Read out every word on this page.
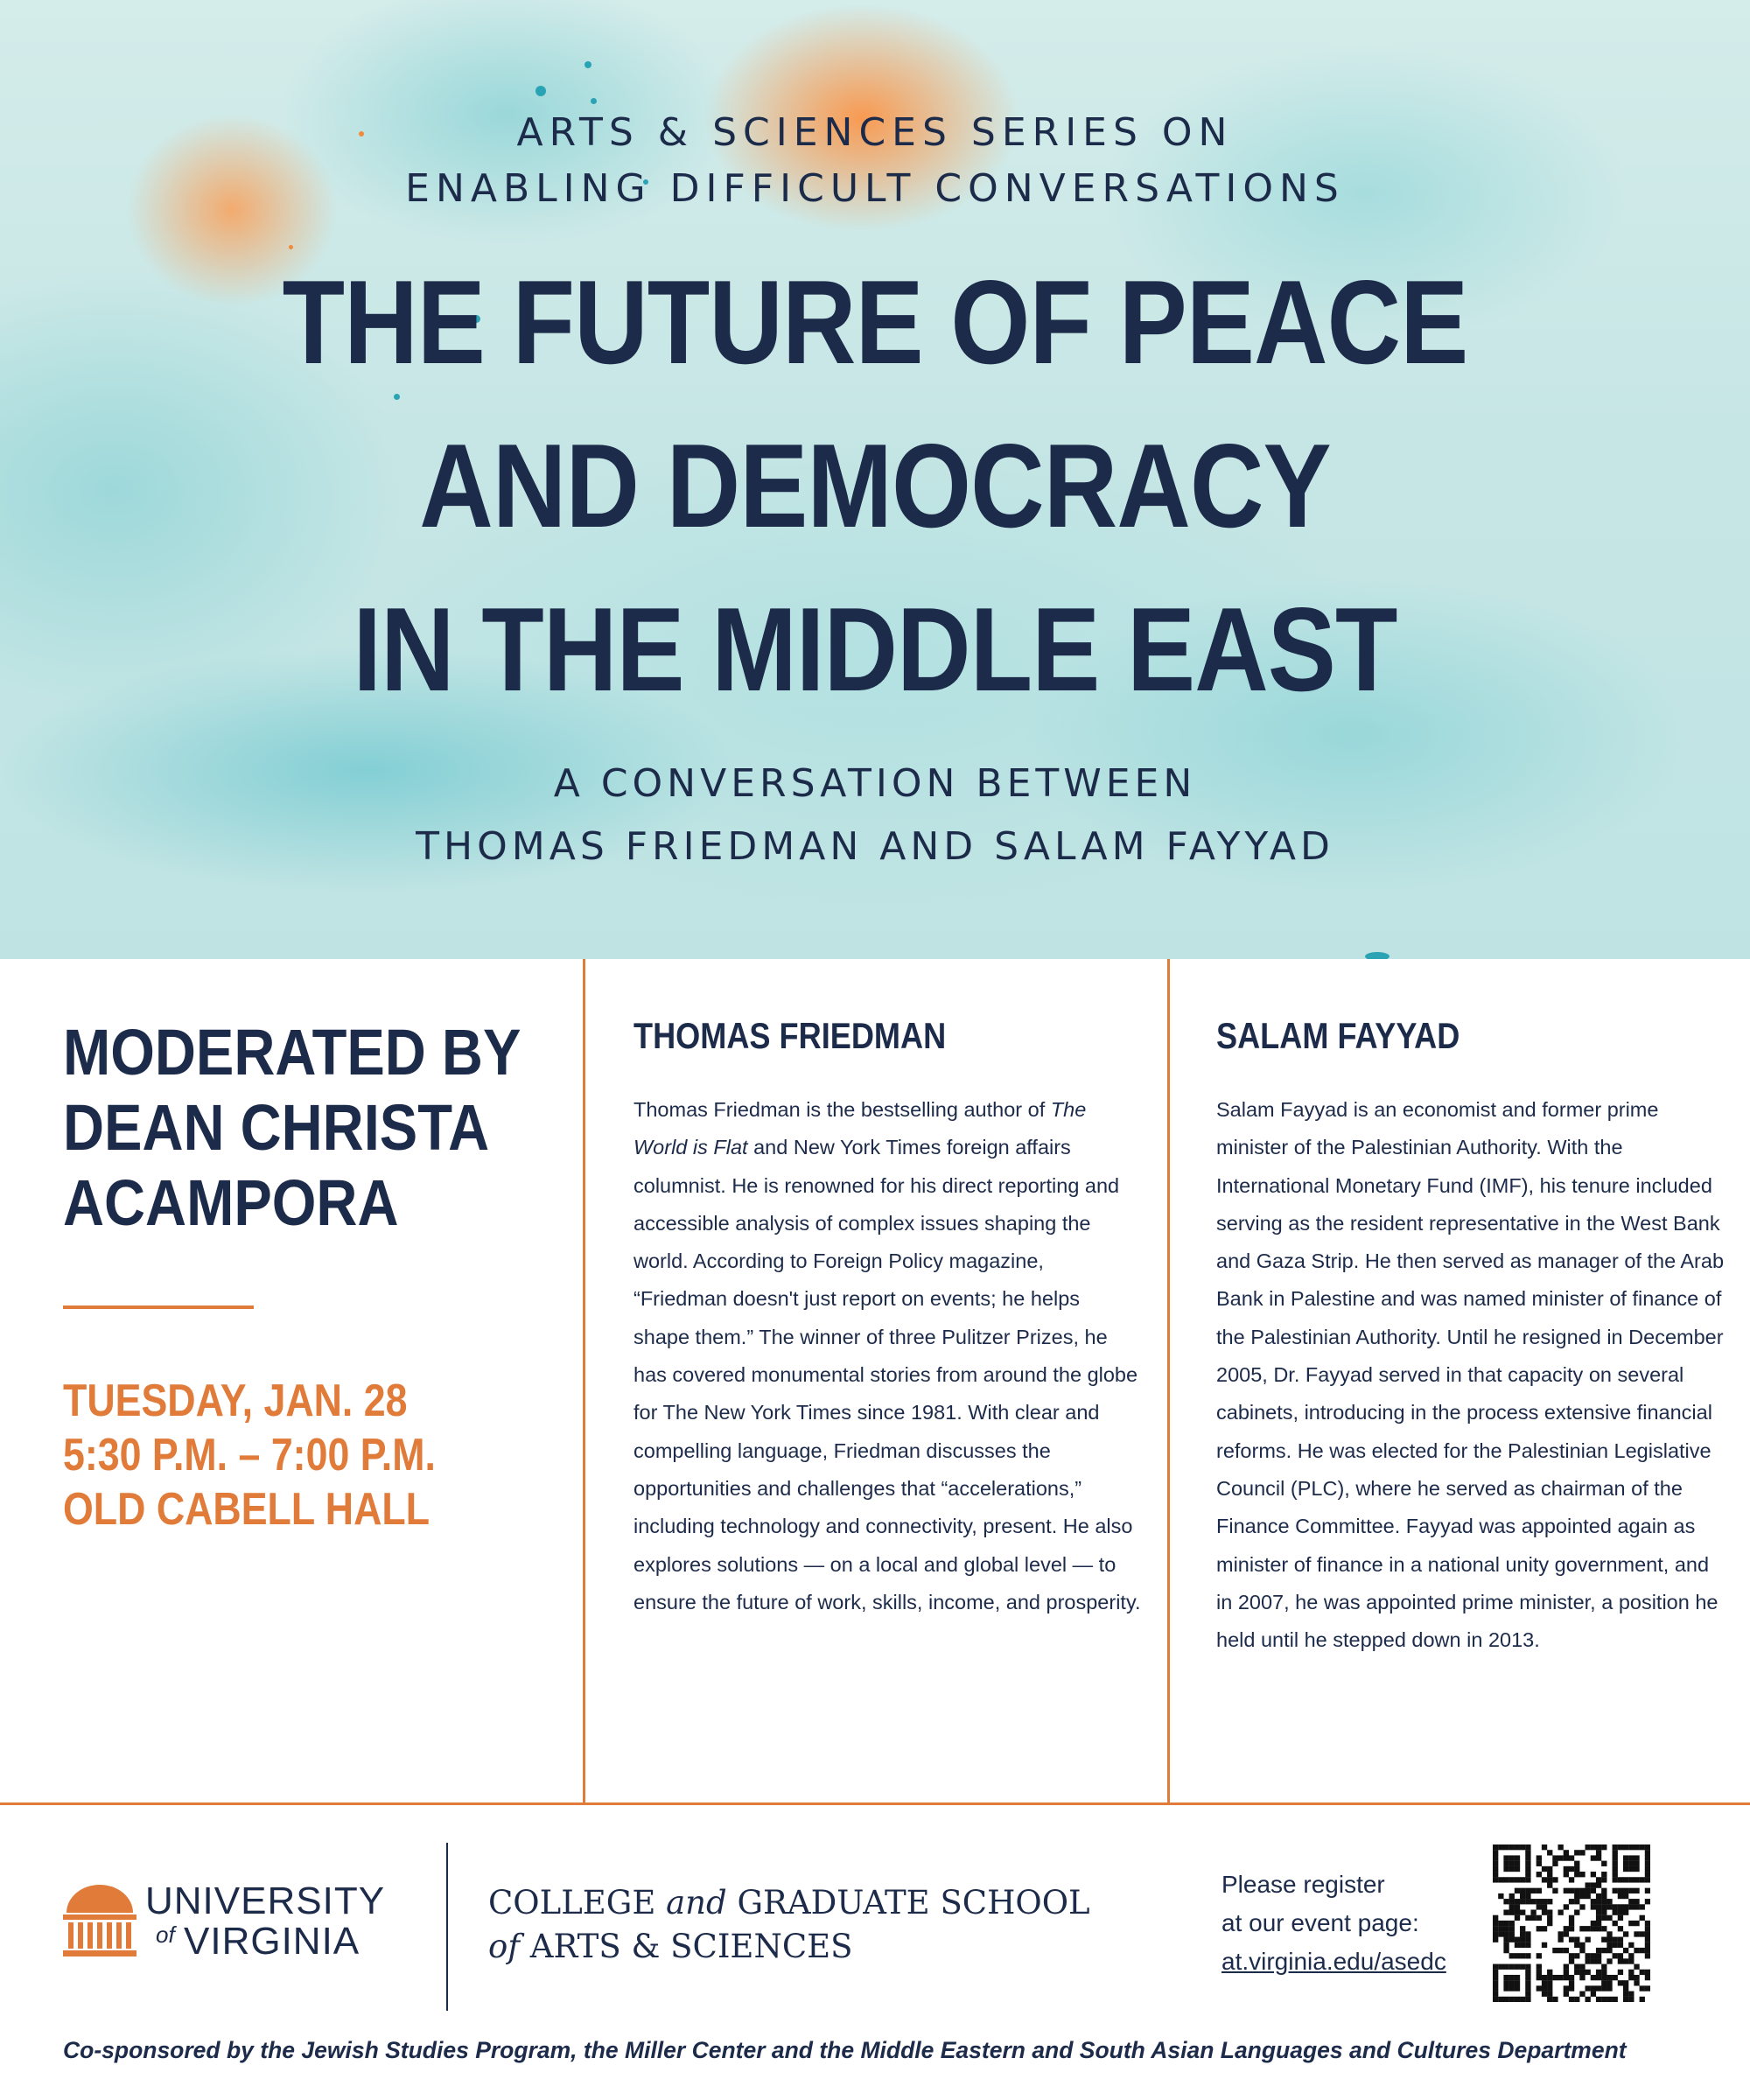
ARTS & SCIENCES SERIES ON
ENABLING DIFFICULT CONVERSATIONS
THE FUTURE OF PEACE
AND DEMOCRACY
IN THE MIDDLE EAST
A CONVERSATION BETWEEN
THOMAS FRIEDMAN AND SALAM FAYYAD
MODERATED BY
DEAN CHRISTA
ACAMPORA
TUESDAY, JAN. 28
5:30 P.M. – 7:00 P.M.
OLD CABELL HALL
THOMAS FRIEDMAN
Thomas Friedman is the bestselling author of The World is Flat and New York Times foreign affairs columnist. He is renowned for his direct reporting and accessible analysis of complex issues shaping the world. According to Foreign Policy magazine, “Friedman doesn't just report on events; he helps shape them.” The winner of three Pulitzer Prizes, he has covered monumental stories from around the globe for The New York Times since 1981. With clear and compelling language, Friedman discusses the opportunities and challenges that “accelerations,” including technology and connectivity, present. He also explores solutions — on a local and global level — to ensure the future of work, skills, income, and prosperity.
SALAM FAYYAD
Salam Fayyad is an economist and former prime minister of the Palestinian Authority. With the International Monetary Fund (IMF), his tenure included serving as the resident representative in the West Bank and Gaza Strip. He then served as manager of the Arab Bank in Palestine and was named minister of finance of the Palestinian Authority. Until he resigned in December 2005, Dr. Fayyad served in that capacity on several cabinets, introducing in the process extensive financial reforms. He was elected for the Palestinian Legislative Council (PLC), where he served as chairman of the Finance Committee. Fayyad was appointed again as minister of finance in a national unity government, and in 2007, he was appointed prime minister, a position he held until he stepped down in 2013.
UNIVERSITY
of VIRGINIA
COLLEGE and GRADUATE SCHOOL
of ARTS & SCIENCES
Please register
at our event page:
at.virginia.edu/asedc
Co-sponsored by the Jewish Studies Program, the Miller Center and the Middle Eastern and South Asian Languages and Cultures Department
